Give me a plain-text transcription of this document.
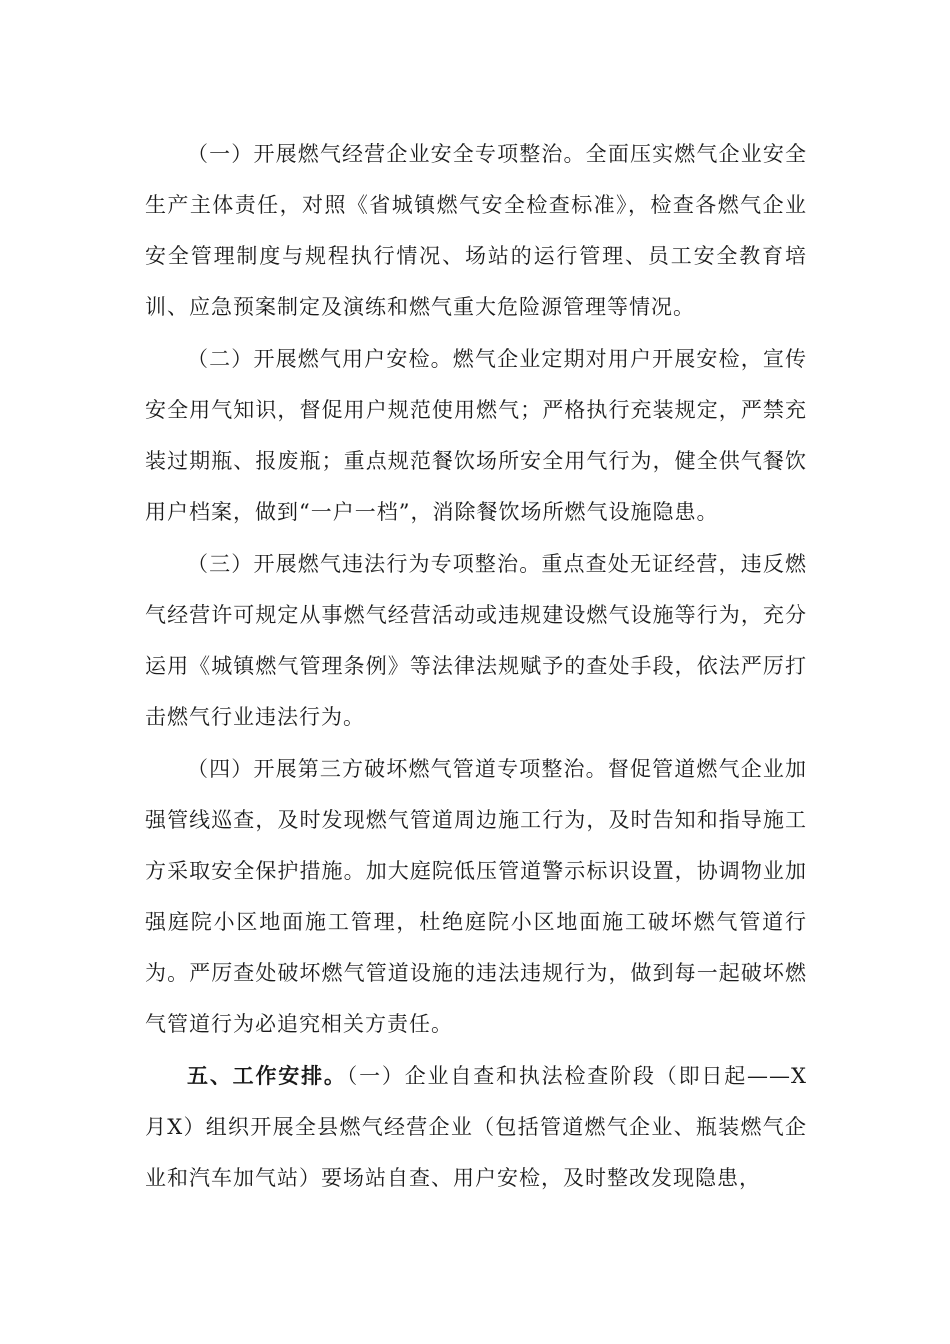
（一）开展燃气经营企业安全专项整治。全面压实燃气企业安全生产主体责任，对照《省城镇燃气安全检查标准》，检查各燃气企业安全管理制度与规程执行情况、场站的运行管理、员工安全教育培训、应急预案制定及演练和燃气重大危险源管理等情况。

（二）开展燃气用户安检。燃气企业定期对用户开展安检，宣传安全用气知识，督促用户规范使用燃气；严格执行充装规定，严禁充装过期瓶、报废瓶；重点规范餐饮场所安全用气行为，健全供气餐饮用户档案，做到“一户一档”，消除餐饮场所燃气设施隐患。

（三）开展燃气违法行为专项整治。重点查处无证经营，违反燃气经营许可规定从事燃气经营活动或违规建设燃气设施等行为，充分运用《城镇燃气管理条例》等法律法规赋予的查处手段，依法严厉打击燃气行业违法行为。

（四）开展第三方破坏燃气管道专项整治。督促管道燃气企业加强管线巡查，及时发现燃气管道周边施工行为，及时告知和指导施工方采取安全保护措施。加大庭院低压管道警示标识设置，协调物业加强庭院小区地面施工管理，杜绝庭院小区地面施工破坏燃气管道行为。严厉查处破坏燃气管道设施的违法违规行为，做到每一起破坏燃气管道行为必追究相关方责任。

五、工作安排。（一）企业自查和执法检查阶段（即日起——X月X）组织开展全县燃气经营企业（包括管道燃气企业、瓶装燃气企业和汽车加气站）要场站自查、用户安检，及时整改发现隐患，
